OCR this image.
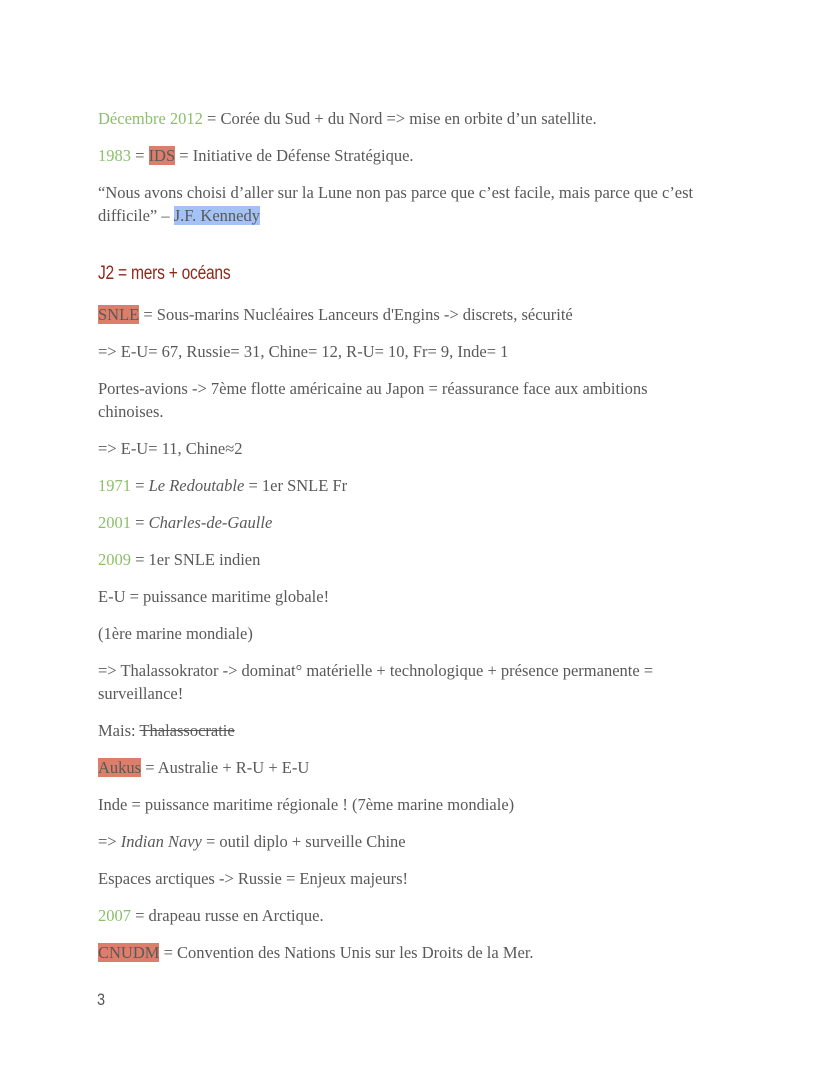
Décembre 2012 = Corée du Sud + du Nord => mise en orbite d’un satellite.
1983 = IDS = Initiative de Défense Stratégique.
“Nous avons choisi d’aller sur la Lune non pas parce que c’est facile, mais parce que c’est
difficile” – J.F. Kennedy
J2 = mers + océans
SNLE = Sous-marins Nucléaires Lanceurs d'Engins -> discrets, sécurité
=> E-U= 67, Russie= 31, Chine= 12, R-U= 10, Fr= 9, Inde= 1
Portes-avions -> 7ème flotte américaine au Japon = réassurance face aux ambitions
chinoises.
=> E-U= 11, Chine≈2
1971 = Le Redoutable = 1er SNLE Fr
2001 = Charles-de-Gaulle
2009 = 1er SNLE indien
E-U = puissance maritime globale!
(1ère marine mondiale)
=> Thalassokrator -> dominat° matérielle + technologique + présence permanente =
surveillance!
Mais: Thalassocratie
Aukus = Australie + R-U + E-U
Inde = puissance maritime régionale ! (7ème marine mondiale)
=> Indian Navy = outil diplo + surveille Chine
Espaces arctiques -> Russie = Enjeux majeurs!
2007 = drapeau russe en Arctique.
CNUDM = Convention des Nations Unis sur les Droits de la Mer.
3
